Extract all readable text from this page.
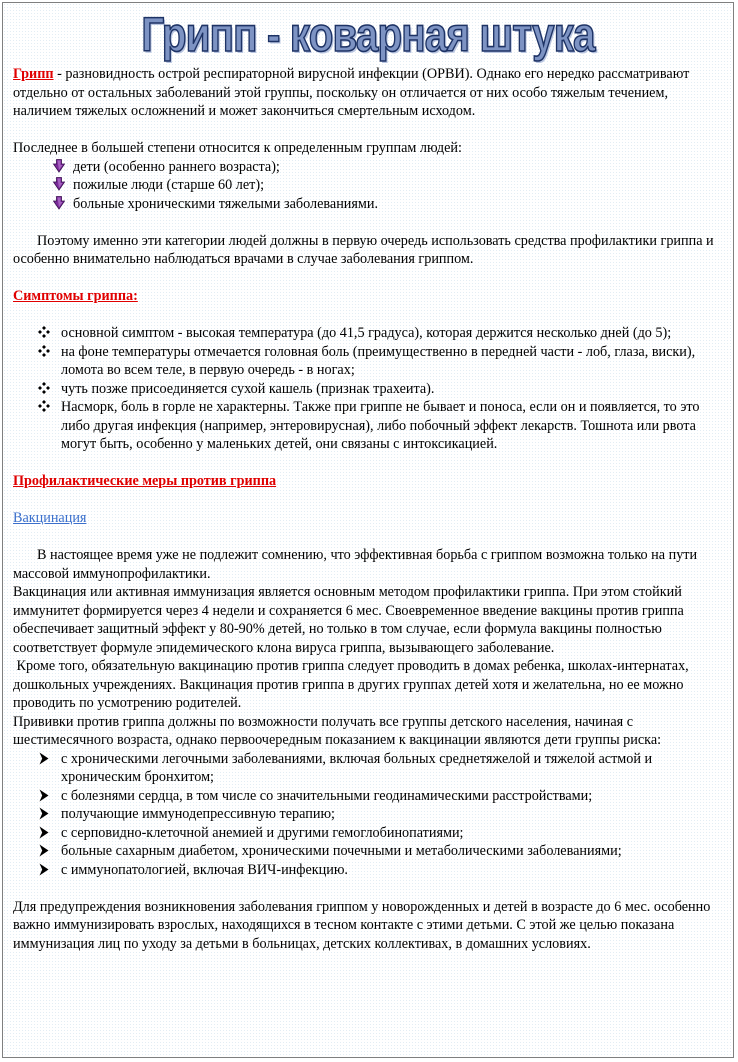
Грипп - коварная штука

Грипп - разновидность острой респираторной вирусной инфекции (ОРВИ). Однако его нередко рассматривают отдельно от остальных заболеваний этой группы, поскольку он отличается от них особо тяжелым течением, наличием тяжелых осложнений и может закончиться смертельным исходом.

Последнее в большей степени относится к определенным группам людей:

дети (особенно раннего возраста);
пожилые люди (старше 60 лет);
больные хроническими тяжелыми заболеваниями.

Поэтому именно эти категории людей должны в первую очередь использовать средства профилактики гриппа и особенно внимательно наблюдаться врачами в случае заболевания гриппом.

Симптомы гриппа:

основной симптом - высокая температура (до 41,5 градуса), которая держится несколько дней (до 5);
на фоне температуры отмечается головная боль (преимущественно в передней части - лоб, глаза, виски), ломота во всем теле, в первую очередь - в ногах;
чуть позже присоединяется сухой кашель (признак трахеита).
Насморк, боль в горле не характерны. Также при гриппе не бывает и поноса, если он и появляется, то это либо другая инфекция (например, энтеровирусная), либо побочный эффект лекарств. Тошнота или рвота могут быть, особенно у маленьких детей, они связаны с интоксикацией.

Профилактические меры против гриппа

Вакцинация

В настоящее время уже не подлежит сомнению, что эффективная борьба с гриппом возможна только на пути массовой иммунопрофилактики.

Вакцинация или активная иммунизация является основным методом профилактики гриппа. При этом стойкий иммунитет формируется через 4 недели и сохраняется 6 мес. Своевременное введение вакцины против гриппа обеспечивает защитный эффект у 80-90% детей, но только в том случае, если формула вакцины полностью соответствует формуле эпидемического клона вируса гриппа, вызывающего заболевание.

Кроме того, обязательную вакцинацию против гриппа следует проводить в домах ребенка, школах-интернатах, дошкольных учреждениях. Вакцинация против гриппа в других группах детей хотя и желательна, но ее можно проводить по усмотрению родителей.

Прививки против гриппа должны по возможности получать все группы детского населения, начиная с шестимесячного возраста, однако первоочередным показанием к вакцинации являются дети группы риска:

с хроническими легочными заболеваниями, включая больных среднетяжелой и тяжелой астмой и хроническим бронхитом;
с болезнями сердца, в том числе со значительными геодинамическими расстройствами;
получающие иммунодепрессивную терапию;
с серповидно-клеточной анемией и другими гемоглобинопатиями;
больные сахарным диабетом, хроническими почечными и метаболическими заболеваниями;
с иммунопатологией, включая ВИЧ-инфекцию.

Для предупреждения возникновения заболевания гриппом у новорожденных и детей в возрасте до 6 мес. особенно важно иммунизировать взрослых, находящихся в тесном контакте с этими детьми. С этой же целью показана иммунизация лиц по уходу за детьми в больницах, детских коллективах, в домашних условиях.
